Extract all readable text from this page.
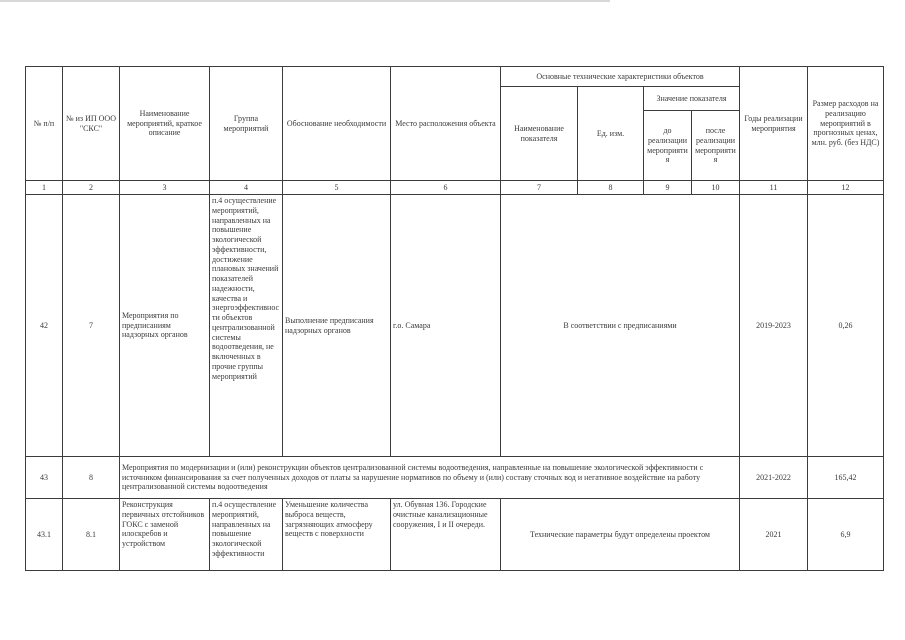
№ п/п	№ из ИП ООО "СКС"	Наименование мероприятий, краткое описание	Группа мероприятий	Обоснование необходимости	Место расположения объекта	Основные технические характеристики объектов				Годы реализации мероприятия	Размер расходов на реализацию мероприятий в прогнозных ценах, млн. руб. (без НДС)
						Наименование показателя	Ед. изм.	Значение показателя			
								до реализации мероприятия	после реализации мероприятия		
1	2	3	4	5	6	7	8	9	10	11	12
42	7	Мероприятия по предписаниям надзорных органов	п.4 осуществление мероприятий, направленных на повышение экологической эффективности, достижение плановых значений показателей надежности, качества и энергоэффективности объектов централизованной системы водоотведения, не включенных в прочие группы мероприятий	Выполнение предписания надзорных органов	г.о. Самара	В соответствии с предписаниями				2019-2023	0,26
43	8	Мероприятия по модернизации и (или) реконструкции объектов централизованной системы водоотведения, направленные на повышение экологической эффективности с источником финансирования за счет полученных доходов от платы за нарушение нормативов по объему и (или) составу сточных вод и негативное воздействие на работу централизованной системы водоотведения								2021-2022	165,42
43.1	8.1	Реконструкция первичных отстойников ГОКС с заменой илоскребов и устройством	п.4 осуществление мероприятий, направленных на повышение экологической эффективности	Уменьшение количества выброса веществ, загрязняющих атмосферу веществ с поверхности	ул. Обувная 136. Городские очистные канализационные сооружения, I и II очереди.	Технические параметры будут определены проектом				2021	6,9
